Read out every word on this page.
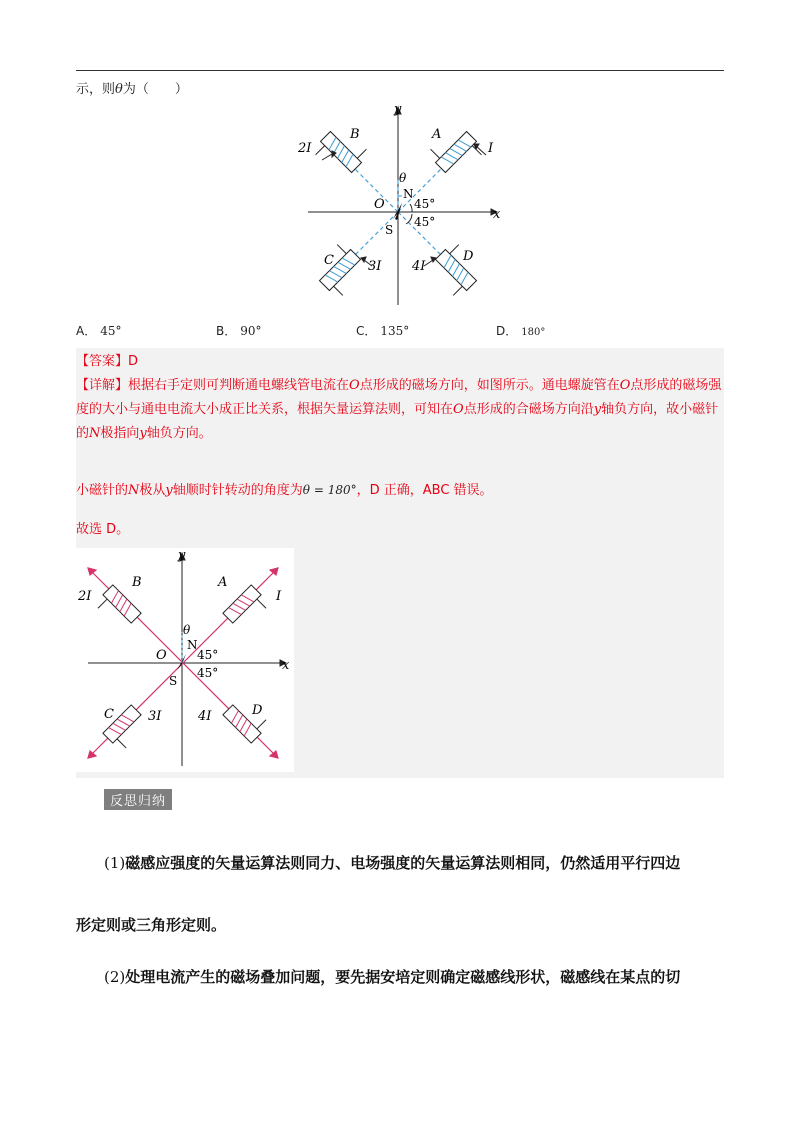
示，则θ为（　　）
y
x
O
N
S
θ
45°
45°
B	A
C	D
2I	I
3I 4I
A． 45°	B． 90°	C． 135°	D． 180°
【答案】D
【详解】根据右手定则可判断通电螺线管电流在O点形成的磁场方向，如图所示。通电螺旋管在O点形成的磁场强度的大小与通电电流大小成正比关系，根据矢量运算法则，可知在O点形成的合磁场方向沿y轴负方向，故小磁针的N极指向y轴负方向。
小磁针的N极从y轴顺时针转动的角度为θ = 180°，D 正确，ABC 错误。
故选 D。
y
x
O
N
S
θ
45°
45°
B	A
C	D
2I	I
3I	4I
反思归纳
(1)磁感应强度的矢量运算法则同力、电场强度的矢量运算法则相同，仍然适用平行四边
形定则或三角形定则。
(2)处理电流产生的磁场叠加问题，要先据安培定则确定磁感线形状，磁感线在某点的切
